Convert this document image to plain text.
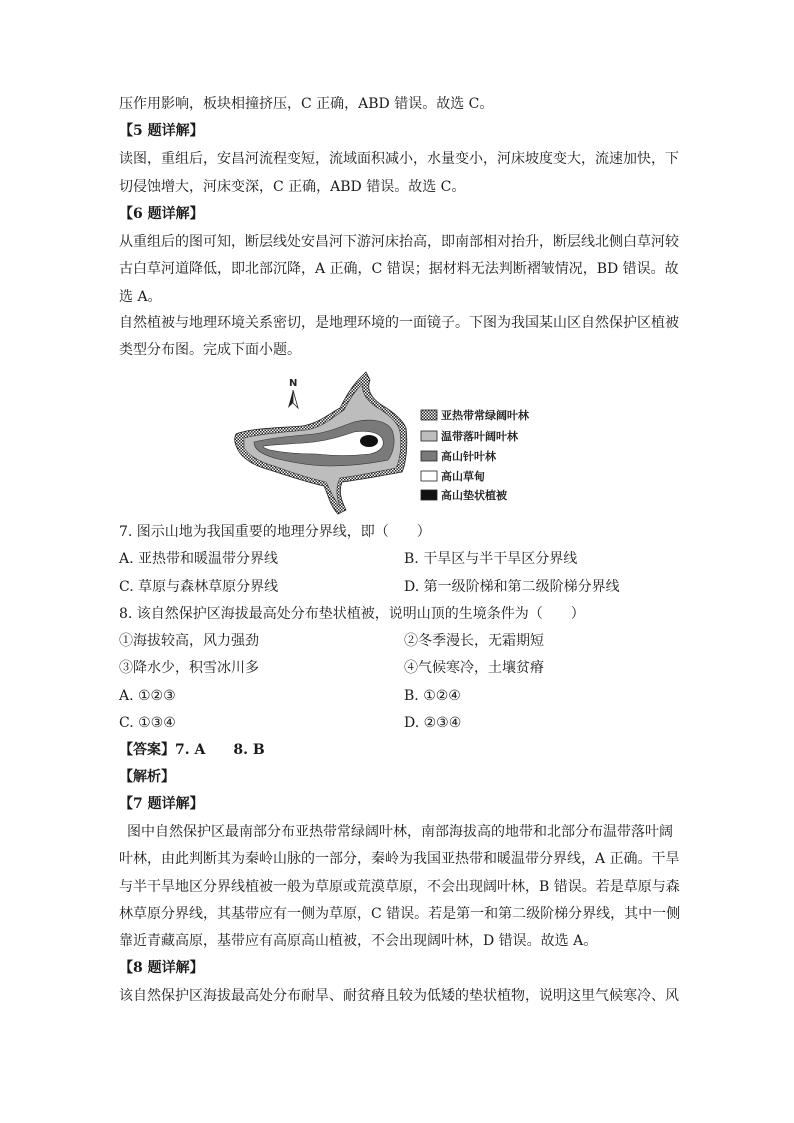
压作用影响，板块相撞挤压，C 正确，ABD 错误。故选 C。
【5 题详解】
读图，重组后，安昌河流程变短，流域面积减小，水量变小，河床坡度变大，流速加快，下
切侵蚀增大，河床变深，C 正确，ABD 错误。故选 C。
【6 题详解】
从重组后的图可知，断层线处安昌河下游河床抬高，即南部相对抬升，断层线北侧白草河较
古白草河道降低，即北部沉降，A 正确，C 错误；据材料无法判断褶皱情况，BD 错误。故
选 A。
自然植被与地理环境关系密切，是地理环境的一面镜子。下图为我国某山区自然保护区植被
类型分布图。完成下面小题。
N
亚热带常绿阔叶林
温带落叶阔叶林
高山针叶林
高山草甸
高山垫状植被
7. 图示山地为我国重要的地理分界线，即（　　）
A. 亚热带和暖温带分界线	B. 干旱区与半干旱区分界线
C. 草原与森林草原分界线	D. 第一级阶梯和第二级阶梯分界线
8. 该自然保护区海拔最高处分布垫状植被，说明山顶的生境条件为（　　）
①海拔较高，风力强劲	②冬季漫长，无霜期短
③降水少，积雪冰川多	④气候寒冷，土壤贫瘠
A. ①②③	B. ①②④
C. ①③④	D. ②③④
【答案】7. A　　8. B
【解析】
【7 题详解】
图中自然保护区最南部分布亚热带常绿阔叶林，南部海拔高的地带和北部分布温带落叶阔
叶林，由此判断其为秦岭山脉的一部分，秦岭为我国亚热带和暖温带分界线，A 正确。干旱
与半干旱地区分界线植被一般为草原或荒漠草原，不会出现阔叶林，B 错误。若是草原与森
林草原分界线，其基带应有一侧为草原，C 错误。若是第一和第二级阶梯分界线，其中一侧
靠近青藏高原，基带应有高原高山植被，不会出现阔叶林，D 错误。故选 A。
【8 题详解】
该自然保护区海拔最高处分布耐旱、耐贫瘠且较为低矮的垫状植物，说明这里气候寒冷、风
